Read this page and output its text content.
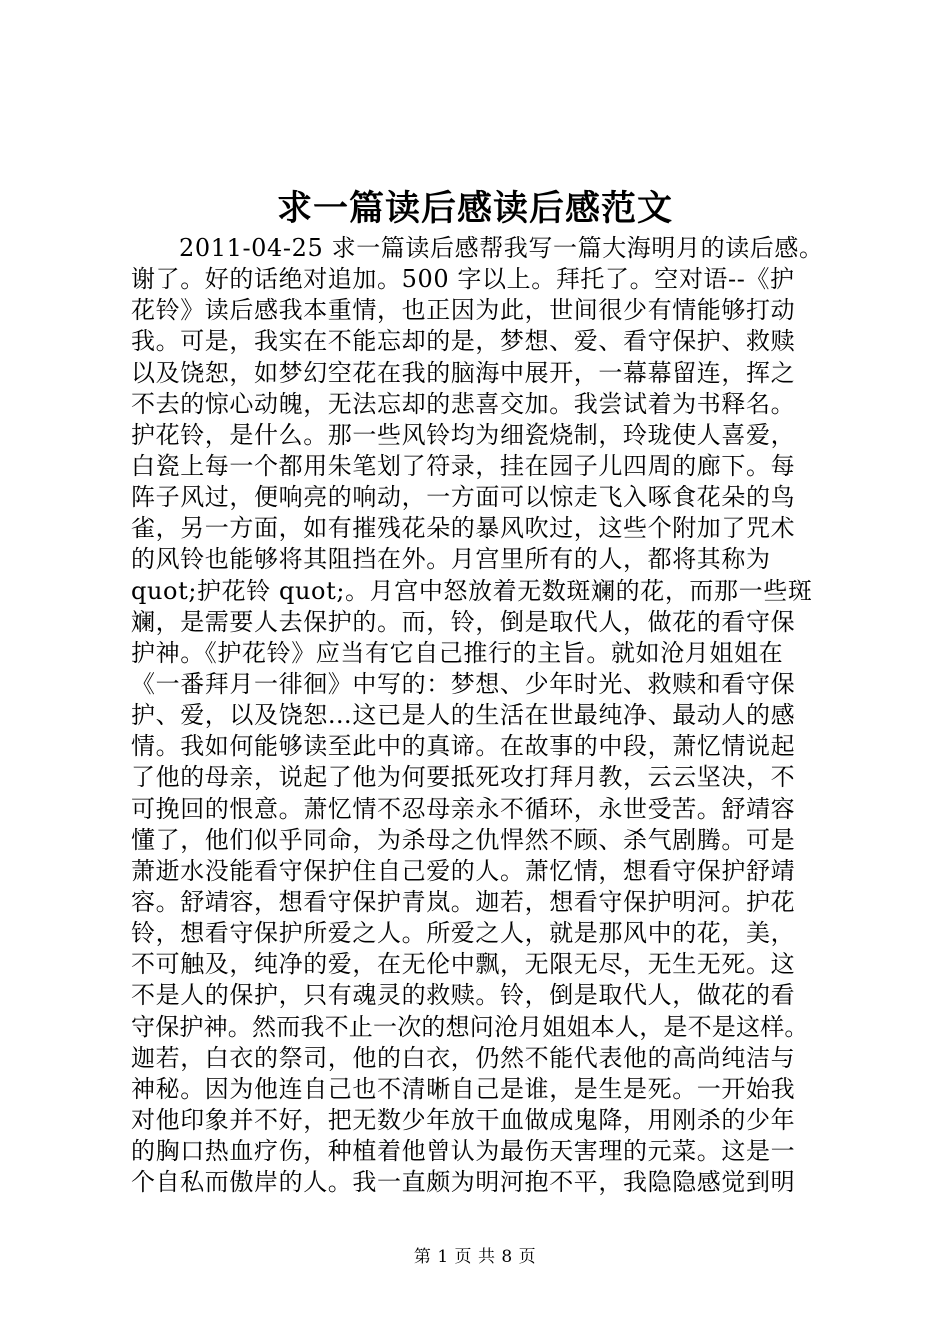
求一篇读后感读后感范文
2011-04-25 求一篇读后感帮我写一篇大海明月的读后感。
谢了。好的话绝对追加。500 字以上。拜托了。空对语--《护
花铃》读后感我本重情，也正因为此，世间很少有情能够打动
我。可是，我实在不能忘却的是，梦想、爱、看守保护、救赎
以及饶恕，如梦幻空花在我的脑海中展开，一幕幕留连，挥之
不去的惊心动魄，无法忘却的悲喜交加。我尝试着为书释名。
护花铃，是什么。那一些风铃均为细瓷烧制，玲珑使人喜爱，
白瓷上每一个都用朱笔划了符录，挂在园子儿四周的廊下。每
阵子风过，便响亮的响动，一方面可以惊走飞入啄食花朵的鸟
雀，另一方面，如有摧残花朵的暴风吹过，这些个附加了咒术
的风铃也能够将其阻挡在外。月宫里所有的人，都将其称为
quot;护花铃 quot;。月宫中怒放着无数斑斓的花，而那一些斑
斓，是需要人去保护的。而，铃，倒是取代人，做花的看守保
护神。《护花铃》应当有它自己推行的主旨。就如沧月姐姐在
《一番拜月一徘徊》中写的：梦想、少年时光、救赎和看守保
护、爱，以及饶恕…这已是人的生活在世最纯净、最动人的感
情。我如何能够读至此中的真谛。在故事的中段，萧忆情说起
了他的母亲，说起了他为何要抵死攻打拜月教，云云坚决，不
可挽回的恨意。萧忆情不忍母亲永不循环，永世受苦。舒靖容
懂了，他们似乎同命，为杀母之仇悍然不顾、杀气剧腾。可是
萧逝水没能看守保护住自己爱的人。萧忆情，想看守保护舒靖
容。舒靖容，想看守保护青岚。迦若，想看守保护明河。护花
铃，想看守保护所爱之人。所爱之人，就是那风中的花，美，
不可触及，纯净的爱，在无伦中飘，无限无尽，无生无死。这
不是人的保护，只有魂灵的救赎。铃，倒是取代人，做花的看
守保护神。然而我不止一次的想问沧月姐姐本人，是不是这样。
迦若，白衣的祭司，他的白衣，仍然不能代表他的高尚纯洁与
神秘。因为他连自己也不清晰自己是谁，是生是死。一开始我
对他印象并不好，把无数少年放干血做成鬼降，用刚杀的少年
的胸口热血疗伤，种植着他曾认为最伤天害理的元菜。这是一
个自私而傲岸的人。我一直颇为明河抱不平，我隐隐感觉到明
第 1 页 共 8 页
